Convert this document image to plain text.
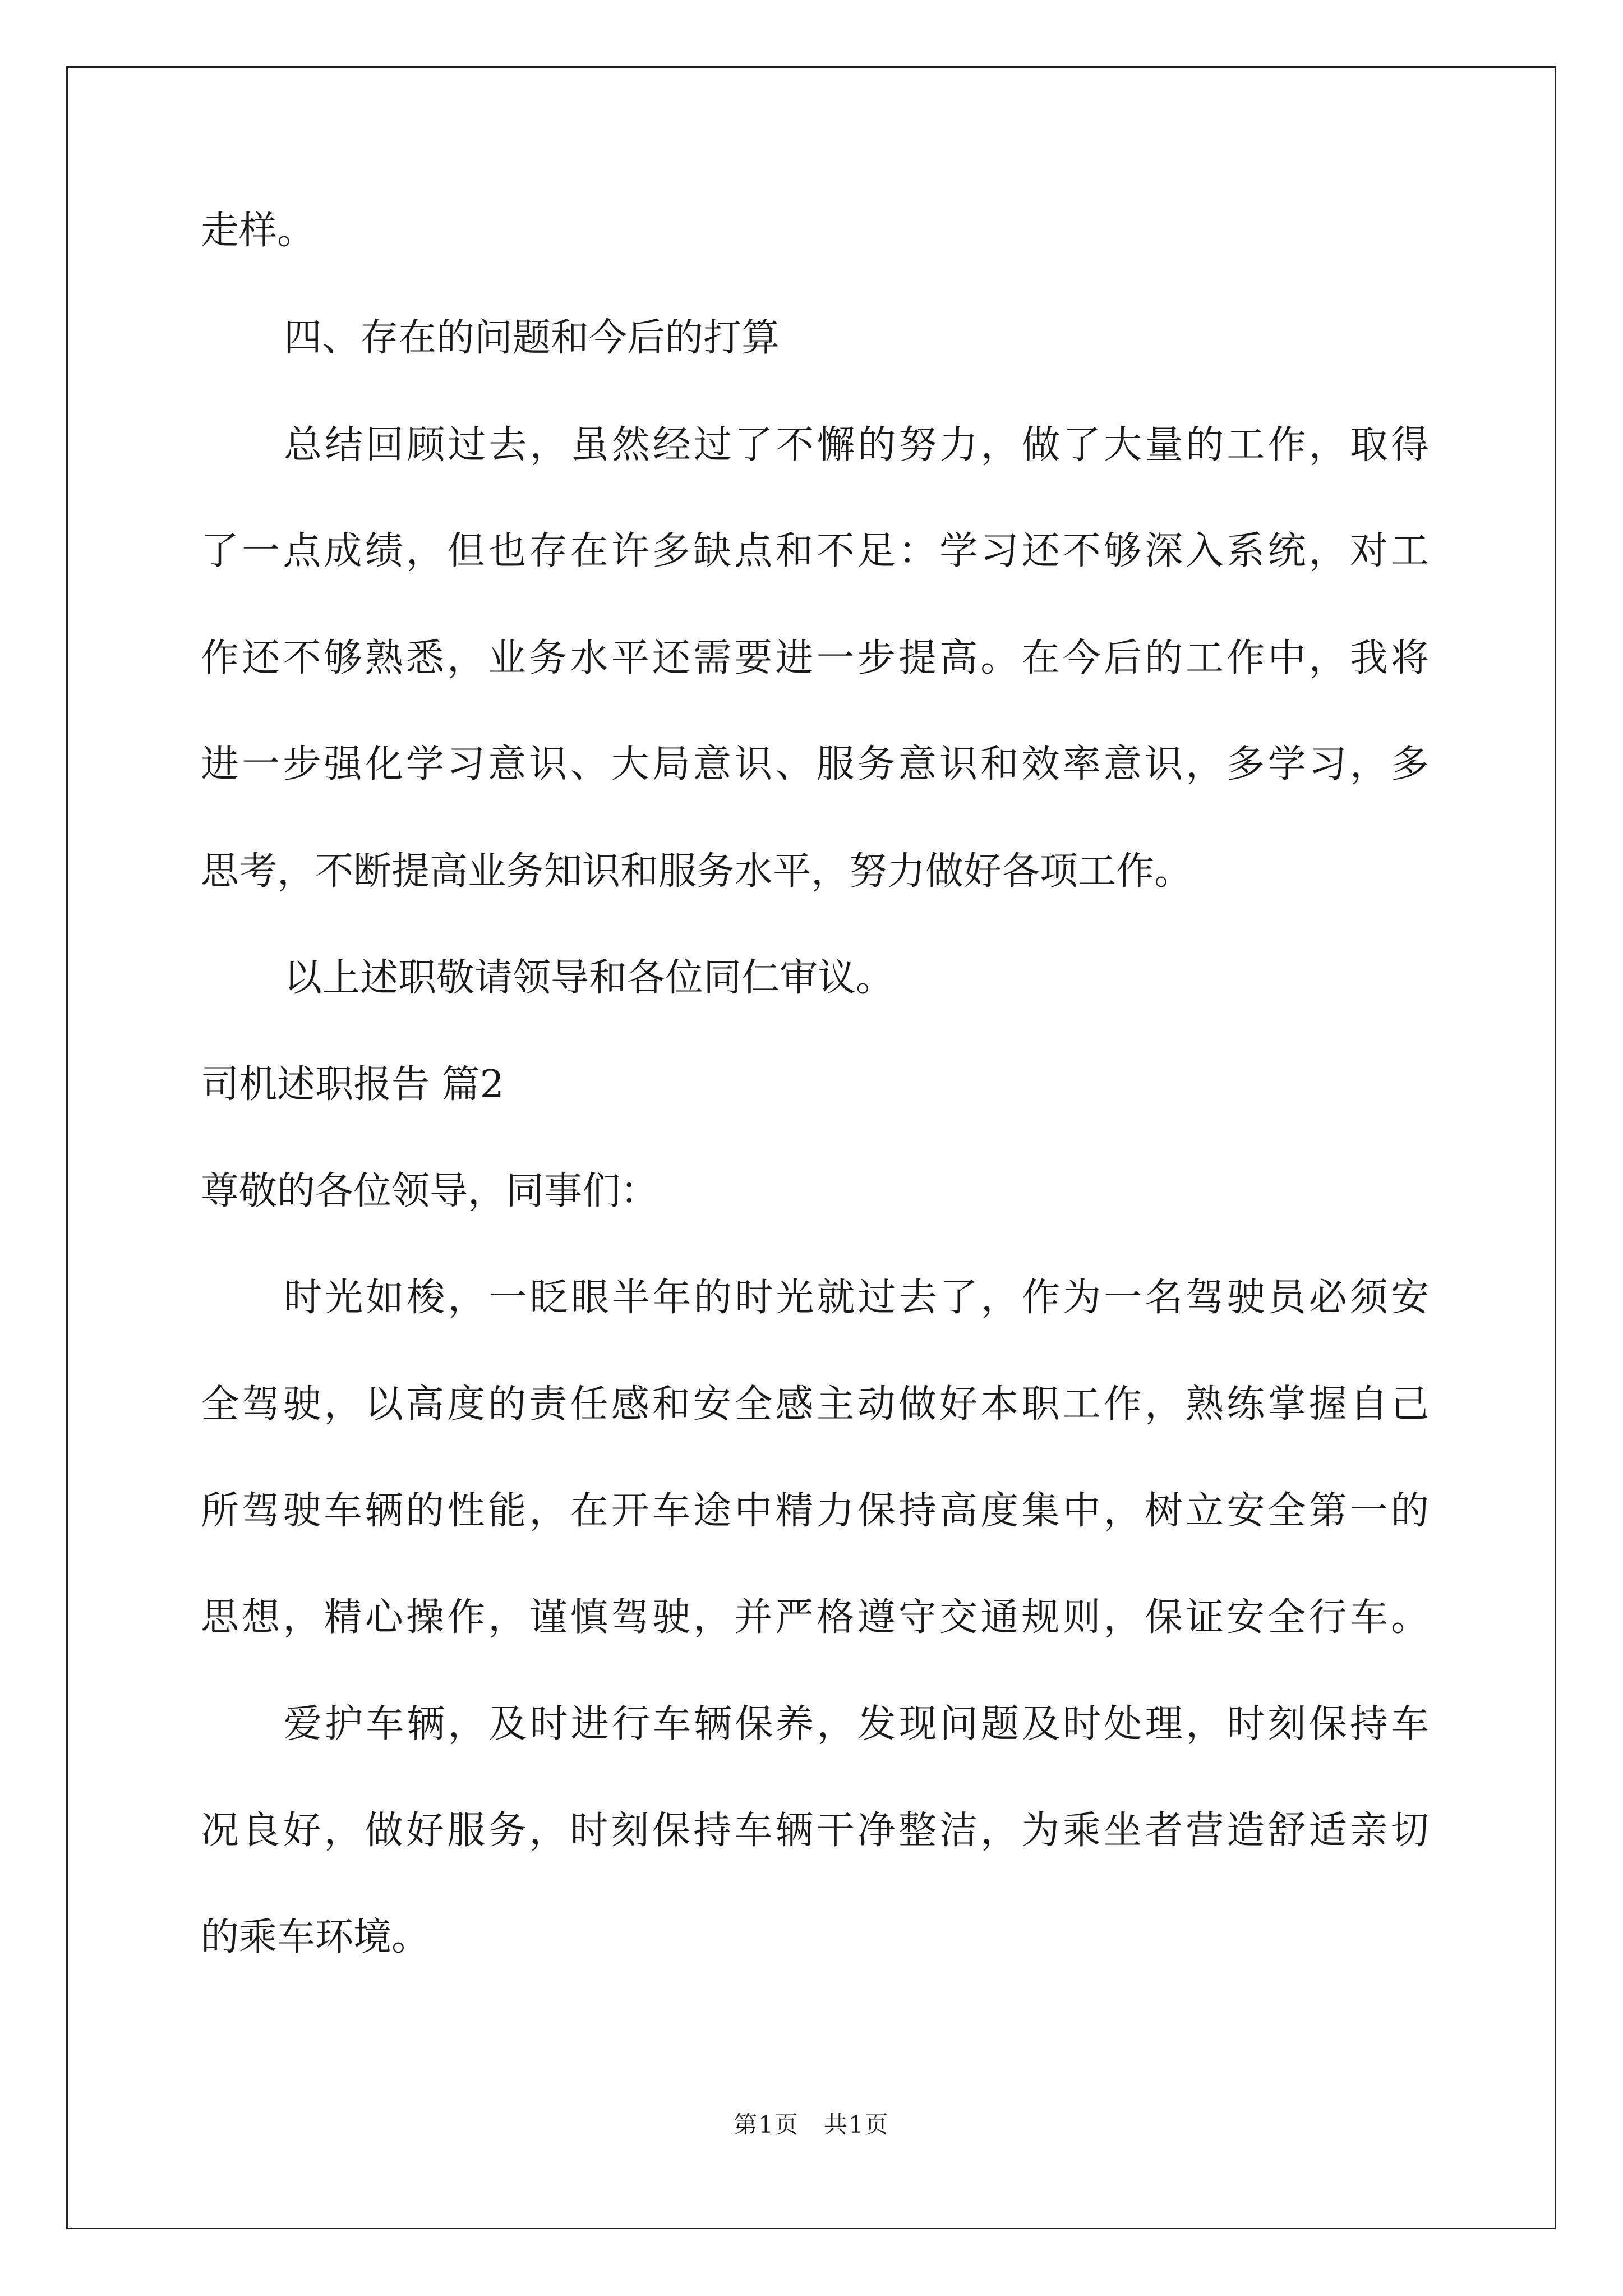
走样。
四、存在的问题和今后的打算
总结回顾过去，虽然经过了不懈的努力，做了大量的工作，取得
了一点成绩，但也存在许多缺点和不足：学习还不够深入系统，对工
作还不够熟悉，业务水平还需要进一步提高。在今后的工作中，我将
进一步强化学习意识、大局意识、服务意识和效率意识，多学习，多
思考，不断提高业务知识和服务水平，努力做好各项工作。
以上述职敬请领导和各位同仁审议。
司机述职报告 篇2
尊敬的各位领导，同事们：
时光如梭，一眨眼半年的时光就过去了，作为一名驾驶员必须安
全驾驶，以高度的责任感和安全感主动做好本职工作，熟练掌握自己
所驾驶车辆的性能，在开车途中精力保持高度集中，树立安全第一的
思想，精心操作，谨慎驾驶，并严格遵守交通规则，保证安全行车。
爱护车辆，及时进行车辆保养，发现问题及时处理，时刻保持车
况良好，做好服务，时刻保持车辆干净整洁，为乘坐者营造舒适亲切
的乘车环境。
第1页　共1页
